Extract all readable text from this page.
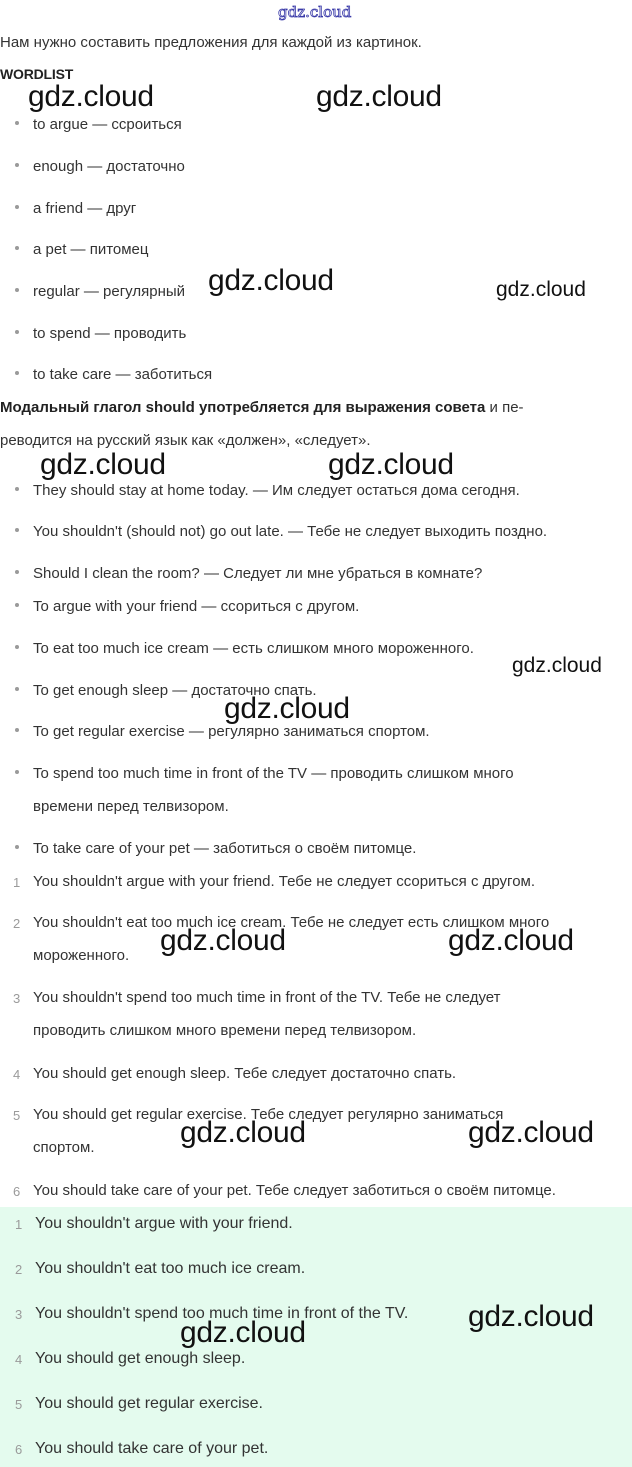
gdz.cloud
Нам нужно составить предложения для каждой из картинок.
WORDLIST
to argue — ссроиться
enough — достаточно
a friend — друг
a pet — питомец
regular — регулярный
to spend — проводить
to take care — заботиться
Модальный глагол should употребляется для выражения совета и пе-
реводится на русский язык как «должен», «следует».
They should stay at home today. — Им следует остаться дома сегодня.
You shouldn't (should not) go out late. — Тебе не следует выходить поздно.
Should I clean the room? — Следует ли мне убраться в комнате?
To argue with your friend — ссориться с другом.
To eat too much ice cream — есть слишком много мороженного.
To get enough sleep — достаточно спать.
To get regular exercise — регулярно заниматься спортом.
To spend too much time in front of the TV — проводить слишком много
времени перед телвизором.
To take care of your pet — заботиться о своём питомце.
1 You shouldn't argue with your friend. Тебе не следует ссориться с другом.
2 You shouldn't eat too much ice cream. Тебе не следует есть слишком много
мороженного.
3 You shouldn't spend too much time in front of the TV. Тебе не следует
проводить слишком много времени перед телвизором.
4 You should get enough sleep. Тебе следует достаточно спать.
5 You should get regular exercise. Тебе следует регулярно заниматься
спортом.
6 You should take care of your pet. Тебе следует заботиться о своём питомце.
1 You shouldn't argue with your friend.
2 You shouldn't eat too much ice cream.
3 You shouldn't spend too much time in front of the TV.
4 You should get enough sleep.
5 You should get regular exercise.
6 You should take care of your pet.
gdz.cloud	gdz.cloud
gdz.cloud	gdz.cloud
gdz.cloud	gdz.cloud
gdz.cloud
gdz.cloud
gdz.cloud	gdz.cloud
gdz.cloud	gdz.cloud
gdz.cloud
gdz.cloud
